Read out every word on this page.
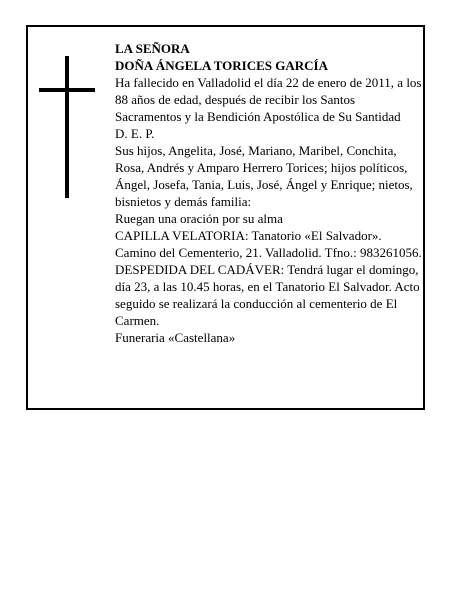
LA SEÑORA

DOÑA ÁNGELA TORICES GARCÍA

Ha fallecido en Valladolid el día 22 de enero de 2011, a los 88 años de edad, después de recibir los Santos Sacramentos y la Bendición Apostólica de Su Santidad

D. E. P.

Sus hijos, Angelita, José, Mariano, Maribel, Conchita, Rosa, Andrés y Amparo Herrero Torices; hijos políticos, Ángel, Josefa, Tania, Luis, José, Ángel y Enrique; nietos, bisnietos y demás familia:

Ruegan una oración por su alma

CAPILLA VELATORIA: Tanatorio «El Salvador». Camino del Cementerio, 21. Valladolid. Tfno.: 983261056.

DESPEDIDA DEL CADÁVER: Tendrá lugar el domingo, día 23, a las 10.45 horas, en el Tanatorio El Salvador. Acto seguido se realizará la conducción al cementerio de El Carmen.

Funeraria «Castellana»
